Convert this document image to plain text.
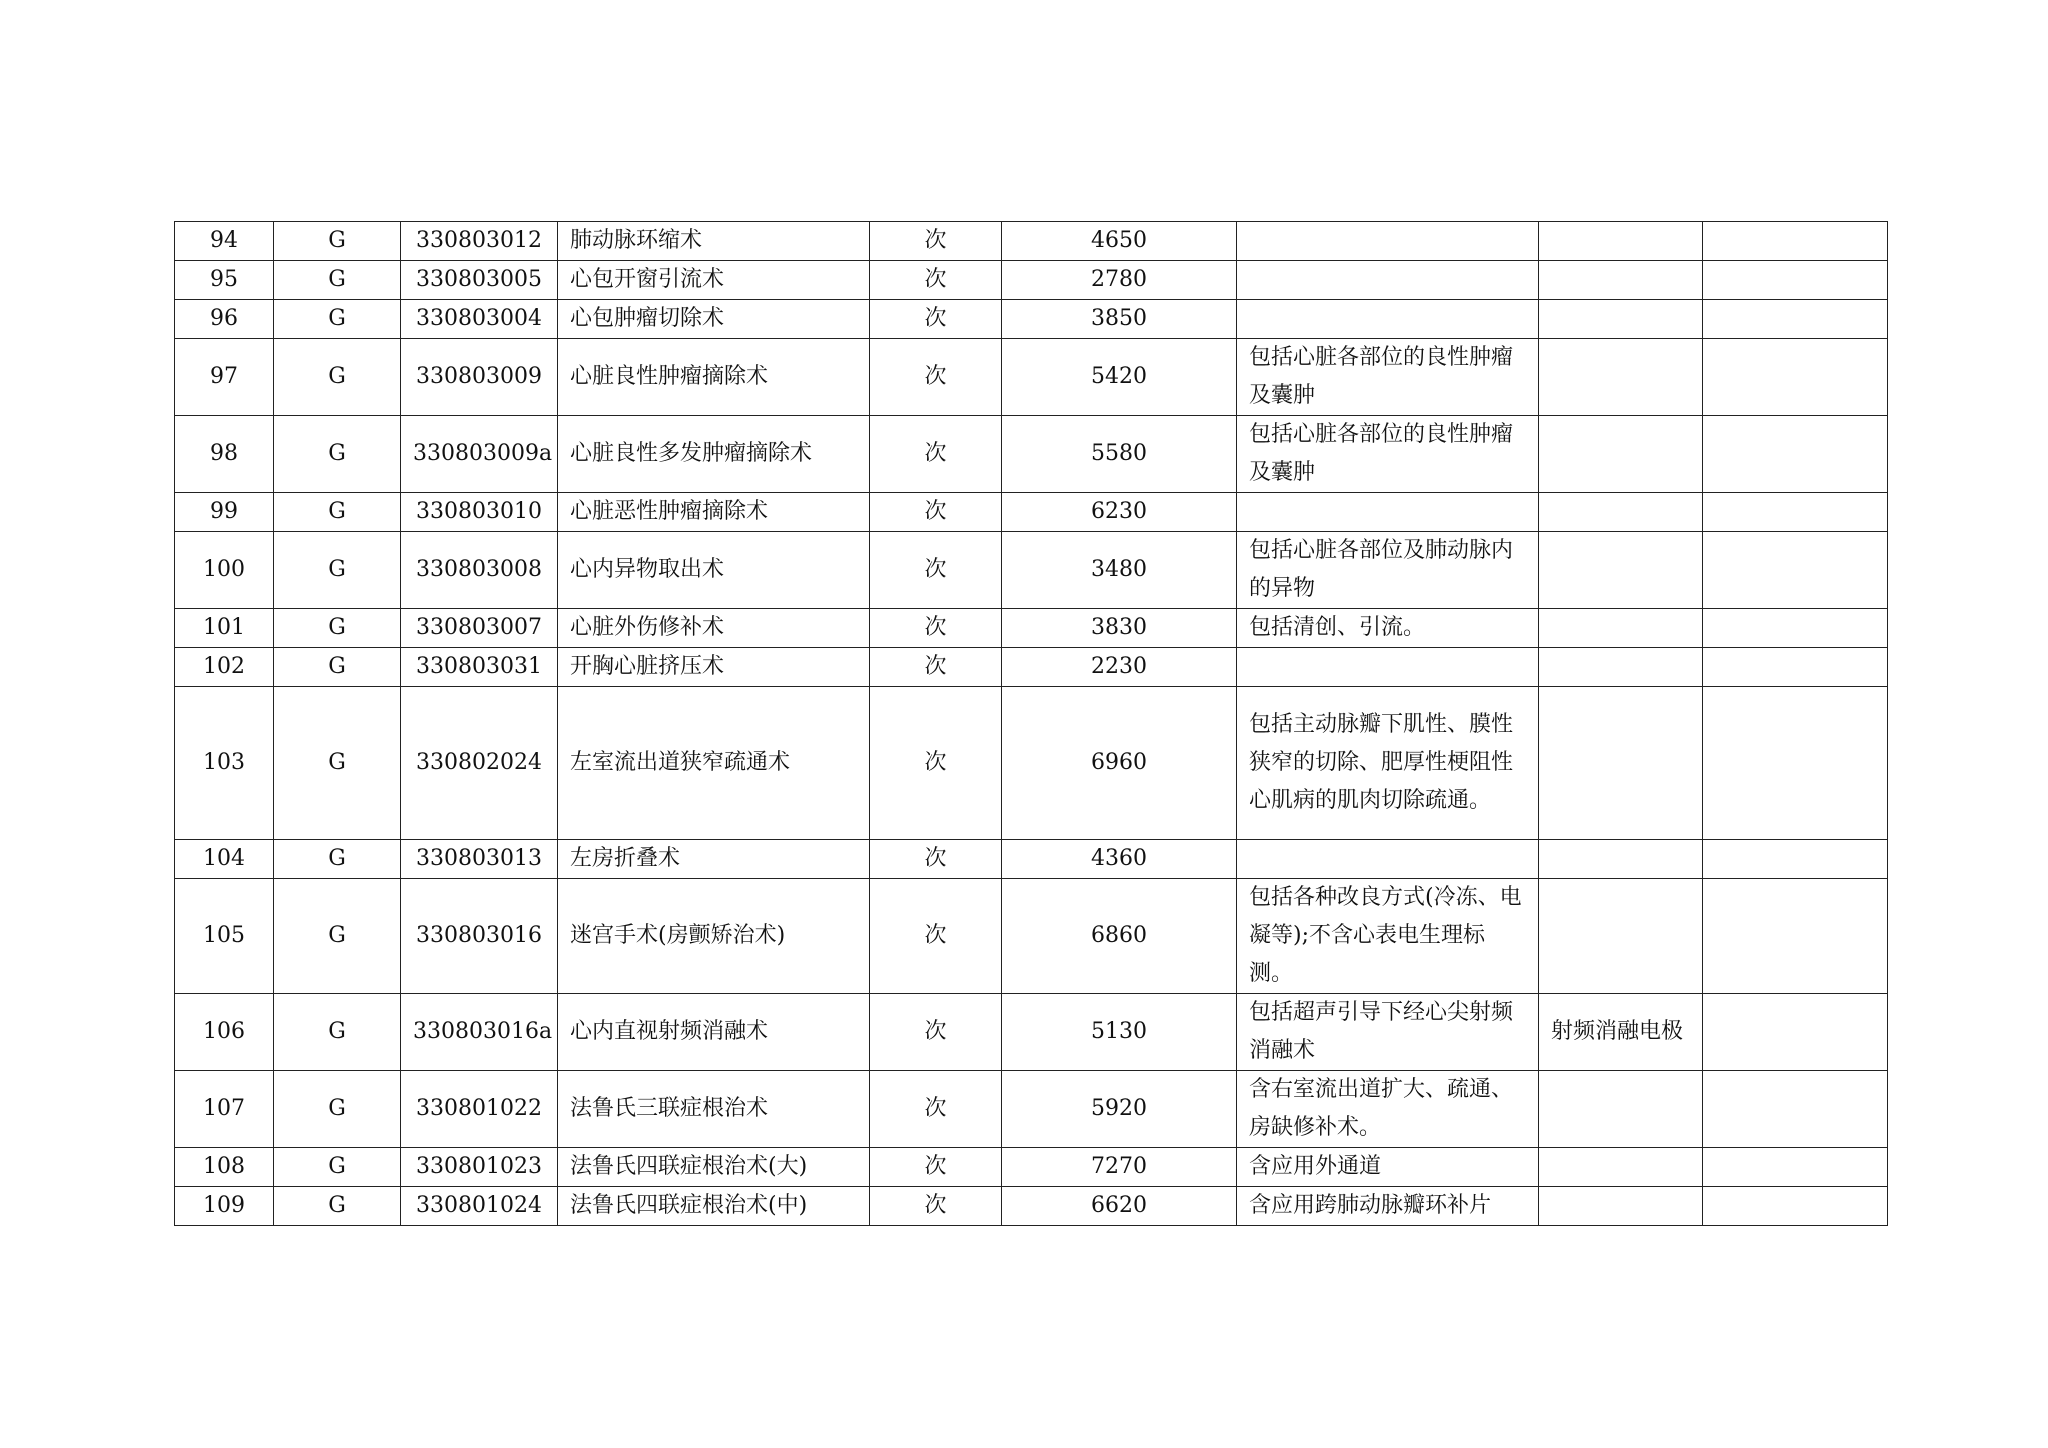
94	G	330803012	肺动脉环缩术	次	4650			
95	G	330803005	心包开窗引流术	次	2780			
96	G	330803004	心包肿瘤切除术	次	3850			
97	G	330803009	心脏良性肿瘤摘除术	次	5420	包括心脏各部位的良性肿瘤及囊肿		
98	G	330803009a	心脏良性多发肿瘤摘除术	次	5580	包括心脏各部位的良性肿瘤及囊肿		
99	G	330803010	心脏恶性肿瘤摘除术	次	6230			
100	G	330803008	心内异物取出术	次	3480	包括心脏各部位及肺动脉内的异物		
101	G	330803007	心脏外伤修补术	次	3830	包括清创、引流。		
102	G	330803031	开胸心脏挤压术	次	2230			
103	G	330802024	左室流出道狭窄疏通术	次	6960	包括主动脉瓣下肌性、膜性狭窄的切除、肥厚性梗阻性心肌病的肌肉切除疏通。		
104	G	330803013	左房折叠术	次	4360			
105	G	330803016	迷宫手术(房颤矫治术)	次	6860	包括各种改良方式(冷冻、电凝等);不含心表电生理标测。		
106	G	330803016a	心内直视射频消融术	次	5130	包括超声引导下经心尖射频消融术	射频消融电极	
107	G	330801022	法鲁氏三联症根治术	次	5920	含右室流出道扩大、疏通、房缺修补术。		
108	G	330801023	法鲁氏四联症根治术(大)	次	7270	含应用外通道		
109	G	330801024	法鲁氏四联症根治术(中)	次	6620	含应用跨肺动脉瓣环补片		
